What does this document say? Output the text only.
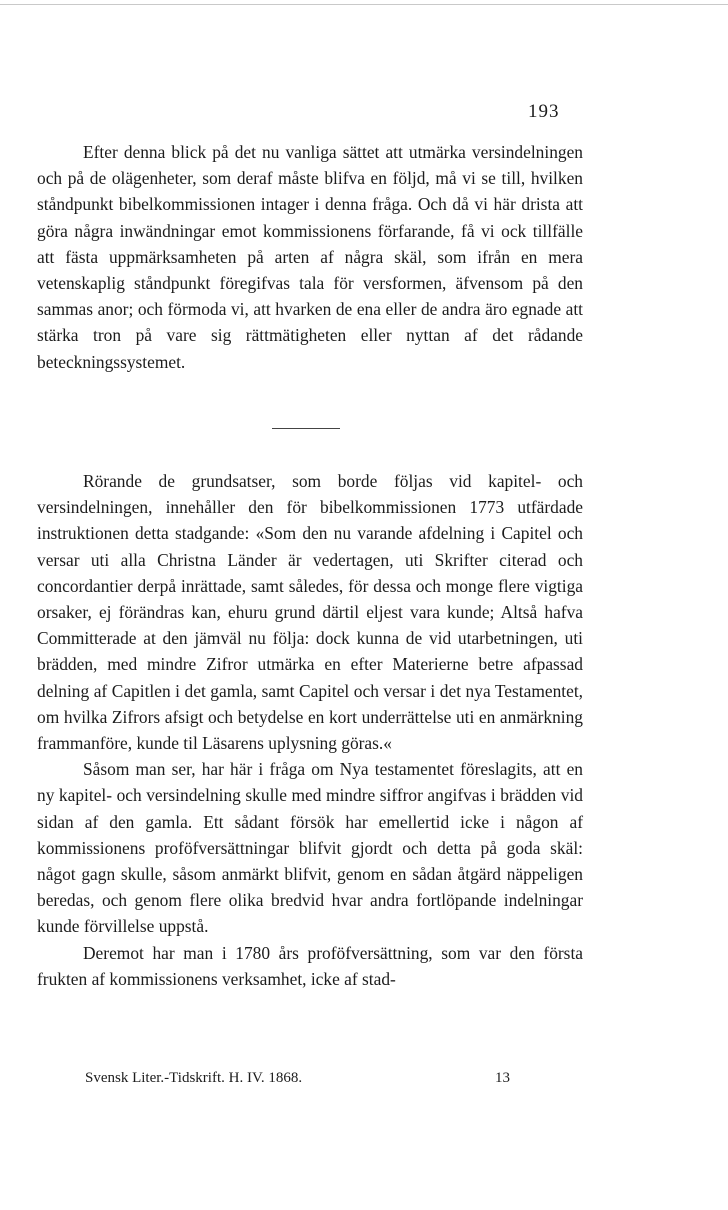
193

Efter denna blick på det nu vanliga sättet att utmärka versindelningen och på de olägenheter, som deraf måste blifva en följd, må vi se till, hvilken ståndpunkt bibelkommissionen intager i denna fråga. Och då vi här drista att göra några inwändningar emot kommissionens förfarande, få vi ock tillfälle att fästa uppmärksamheten på arten af några skäl, som ifrån en mera vetenskaplig ståndpunkt föregifvas tala för versformen, äfvensom på den sammas anor; och förmoda vi, att hvarken de ena eller de andra äro egnade att stärka tron på vare sig rättmätigheten eller nyttan af det rådande beteckningssystemet.

Rörande de grundsatser, som borde följas vid kapitel- och versindelningen, innehåller den för bibelkommissionen 1773 utfärdade instruktionen detta stadgande: «Som den nu varande afdelning i Capitel och versar uti alla Christna Länder är vedertagen, uti Skrifter citerad och concordantier derpå inrättade, samt således, för dessa och monge flere vigtiga orsaker, ej förändras kan, ehuru grund därtil eljest vara kunde; Altså hafva Committerade at den jämväl nu följa: dock kunna de vid utarbetningen, uti brädden, med mindre Zifror utmärka en efter Materierne betre afpassad delning af Capitlen i det gamla, samt Capitel och versar i det nya Testamentet, om hvilka Zifrors afsigt och betydelse en kort underrättelse uti en anmärkning frammanföre, kunde til Läsarens uplysning göras.«

Såsom man ser, har här i fråga om Nya testamentet föreslagits, att en ny kapitel- och versindelning skulle med mindre siffror angifvas i brädden vid sidan af den gamla. Ett sådant försök har emellertid icke i någon af kommissionens proföfversättningar blifvit gjordt och detta på goda skäl: något gagn skulle, såsom anmärkt blifvit, genom en sådan åtgärd näppeligen beredas, och genom flere olika bredvid hvar andra fortlöpande indelningar kunde förvillelse uppstå.

Deremot har man i 1780 års proföfversättning, som var den första frukten af kommissionens verksamhet, icke af stad-

Svensk Liter.-Tidskrift. H. IV. 1868.	13
